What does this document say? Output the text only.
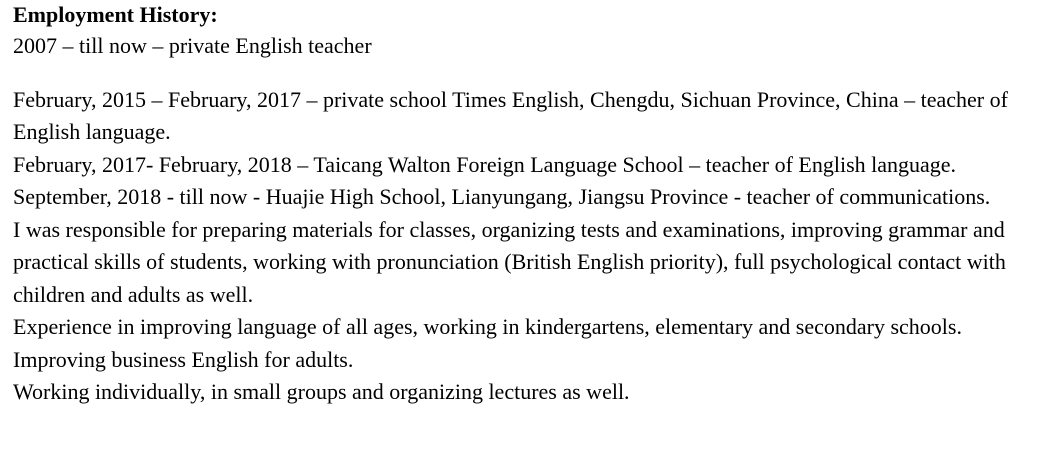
Employment History:

2007 – till now – private English teacher

February, 2015 – February, 2017 – private school Times English, Chengdu, Sichuan Province, China – teacher of English language.

February, 2017- February, 2018 – Taicang Walton Foreign Language School – teacher of English language.

September, 2018 - till now - Huajie High School, Lianyungang, Jiangsu Province - teacher of communications.

I was responsible for preparing materials for classes, organizing tests and examinations, improving grammar and practical skills of students, working with pronunciation (British English priority), full psychological contact with children and adults as well.

Experience in improving language of all ages, working in kindergartens, elementary and secondary schools. Improving business English for adults.

Working individually, in small groups and organizing lectures as well.
